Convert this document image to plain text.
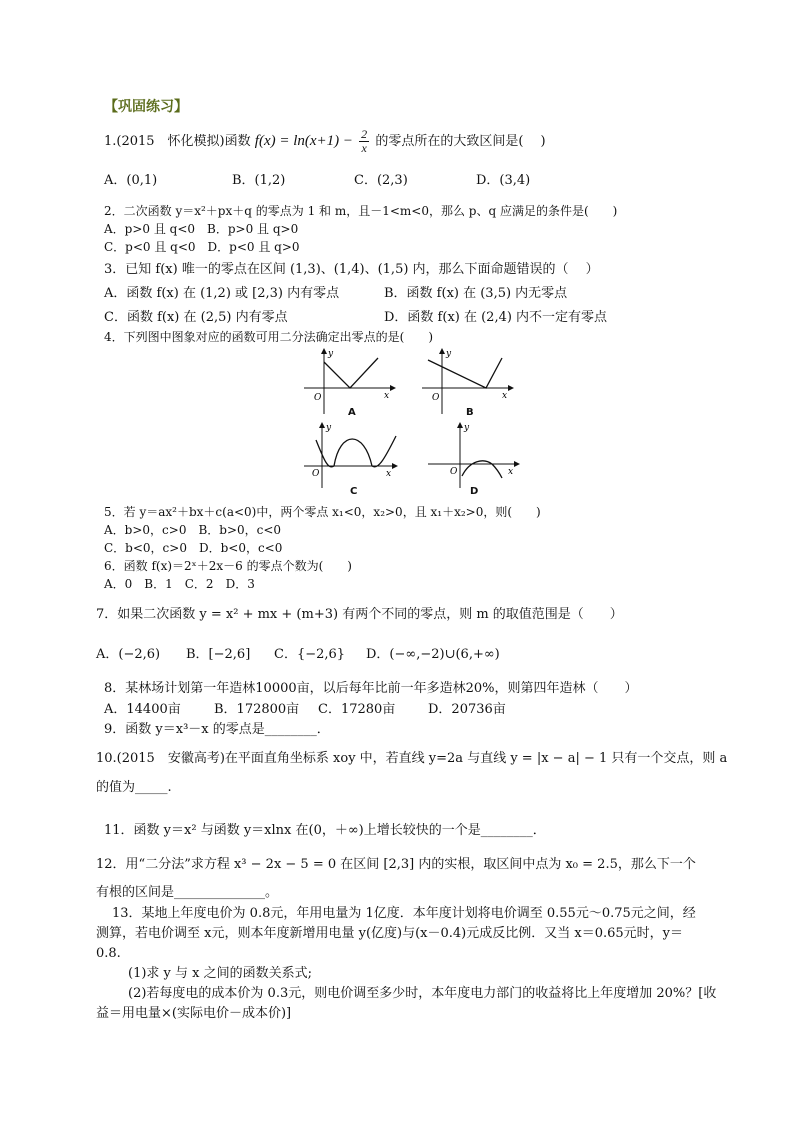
【巩固练习】
1.(2015　怀化模拟)函数 $f(x) = \ln(x+1) - \frac{2}{x}$ 的零点所在的大致区间是(　 )
A．(0,1)	B．(1,2)	C．(2,3)	D．(3,4)
2．二次函数 y＝x²＋px＋q 的零点为 1 和 m，且－1<m<0，那么 p、q 应满足的条件是(　　)
A．p>0 且 q<0　B．p>0 且 q>0
C．p<0 且 q<0　D．p<0 且 q>0
3．已知 f(x) 唯一的零点在区间 (1,3)、(1,4)、(1,5) 内，那么下面命题错误的（　 ）
A．函数 f(x) 在 (1,2) 或 [2,3) 内有零点	B．函数 f(x) 在 (3,5) 内无零点
C．函数 f(x) 在 (2,5) 内有零点	D．函数 f(x) 在 (2,4) 内不一定有零点
4．下列图中图象对应的函数可用二分法确定出零点的是(　　)
y
x
O
A
y
x
O
B
y
x
O
C
y
x
O
D
5．若 y＝ax²＋bx＋c(a<0)中，两个零点 x₁<0，x₂>0，且 x₁＋x₂>0，则(　　)
A．b>0，c>0　B．b>0，c<0
C．b<0，c>0　D．b<0，c<0
6．函数 f(x)＝2ˣ＋2x－6 的零点个数为(　　)
A．0　B．1　C．2　D．3
7．如果二次函数 y = x² + mx + (m+3) 有两个不同的零点，则 m 的取值范围是（　　）
A．(−2,6) B．[−2,6] C．{−2,6} D．(−∞,−2)∪(6,+∞)
8．某林场计划第一年造林10000亩，以后每年比前一年多造林20%，则第四年造林（　　）
A．14400亩	B．172800亩 C．17280亩	D．20736亩
9．函数 y＝x³－x 的零点是________．
10.(2015　安徽高考)在平面直角坐标系 xoy 中，若直线 y=2a 与直线 y = |x − a| − 1 只有一个交点，则 a
的值为_____.
11．函数 y＝x² 与函数 y＝xlnx 在(0，＋∞)上增长较快的一个是________．
12．用“二分法”求方程 x³ − 2x − 5 = 0 在区间 [2,3] 内的实根，取区间中点为 x₀ = 2.5，那么下一个
有根的区间是______________。
13．某地上年度电价为 0.8元，年用电量为 1亿度．本年度计划将电价调至 0.55元～0.75元之间，经
测算，若电价调至 x元，则本年度新增用电量 y(亿度)与(x－0.4)元成反比例．又当 x＝0.65元时，y＝
0.8.
(1)求 y 与 x 之间的函数关系式;
(2)若每度电的成本价为 0.3元，则电价调至多少时，本年度电力部门的收益将比上年度增加 20%？[收
益＝用电量×(实际电价－成本价)]
